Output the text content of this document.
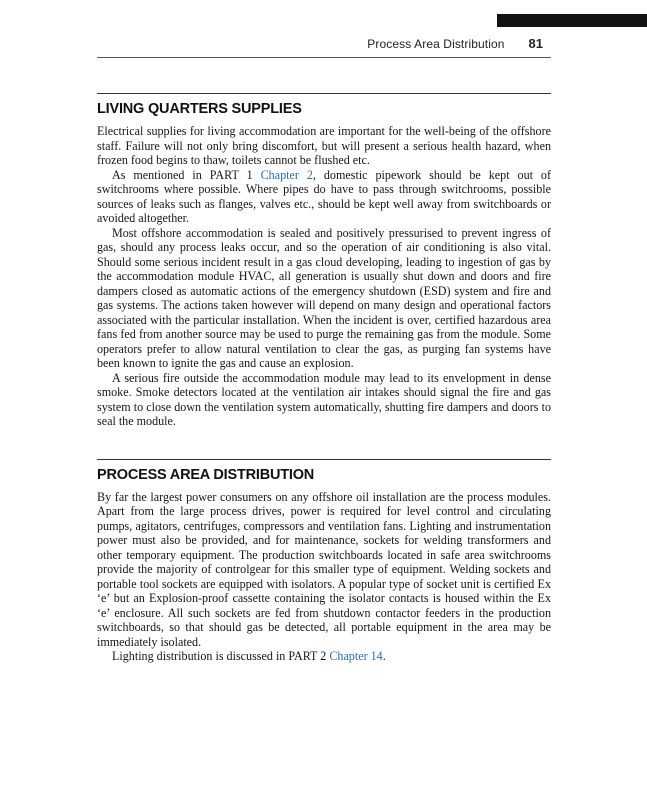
Process Area Distribution 81
LIVING QUARTERS SUPPLIES

Electrical supplies for living accommodation are important for the well-being of the offshore staff. Failure will not only bring discomfort, but will present a serious health hazard, when frozen food begins to thaw, toilets cannot be flushed etc.

As mentioned in PART 1 Chapter 2, domestic pipework should be kept out of switchrooms where possible. Where pipes do have to pass through switchrooms, possible sources of leaks such as flanges, valves etc., should be kept well away from switchboards or avoided altogether.

Most offshore accommodation is sealed and positively pressurised to prevent ingress of gas, should any process leaks occur, and so the operation of air conditioning is also vital. Should some serious incident result in a gas cloud developing, leading to ingestion of gas by the accommodation module HVAC, all generation is usually shut down and doors and fire dampers closed as automatic actions of the emergency shutdown (ESD) system and fire and gas systems. The actions taken however will depend on many design and operational factors associated with the particular installation. When the incident is over, certified hazardous area fans fed from another source may be used to purge the remaining gas from the module. Some operators prefer to allow natural ventilation to clear the gas, as purging fan systems have been known to ignite the gas and cause an explosion.

A serious fire outside the accommodation module may lead to its envelopment in dense smoke. Smoke detectors located at the ventilation air intakes should signal the fire and gas system to close down the ventilation system automatically, shutting fire dampers and doors to seal the module.

PROCESS AREA DISTRIBUTION

By far the largest power consumers on any offshore oil installation are the process modules. Apart from the large process drives, power is required for level control and circulating pumps, agitators, centrifuges, compressors and ventilation fans. Lighting and instrumentation power must also be provided, and for maintenance, sockets for welding transformers and other temporary equipment. The production switchboards located in safe area switchrooms provide the majority of controlgear for this smaller type of equipment. Welding sockets and portable tool sockets are equipped with isolators. A popular type of socket unit is certified Ex ‘e’ but an Explosion-proof cassette containing the isolator contacts is housed within the Ex ‘e’ enclosure. All such sockets are fed from shutdown contactor feeders in the production switchboards, so that should gas be detected, all portable equipment in the area may be immediately isolated.

Lighting distribution is discussed in PART 2 Chapter 14.
